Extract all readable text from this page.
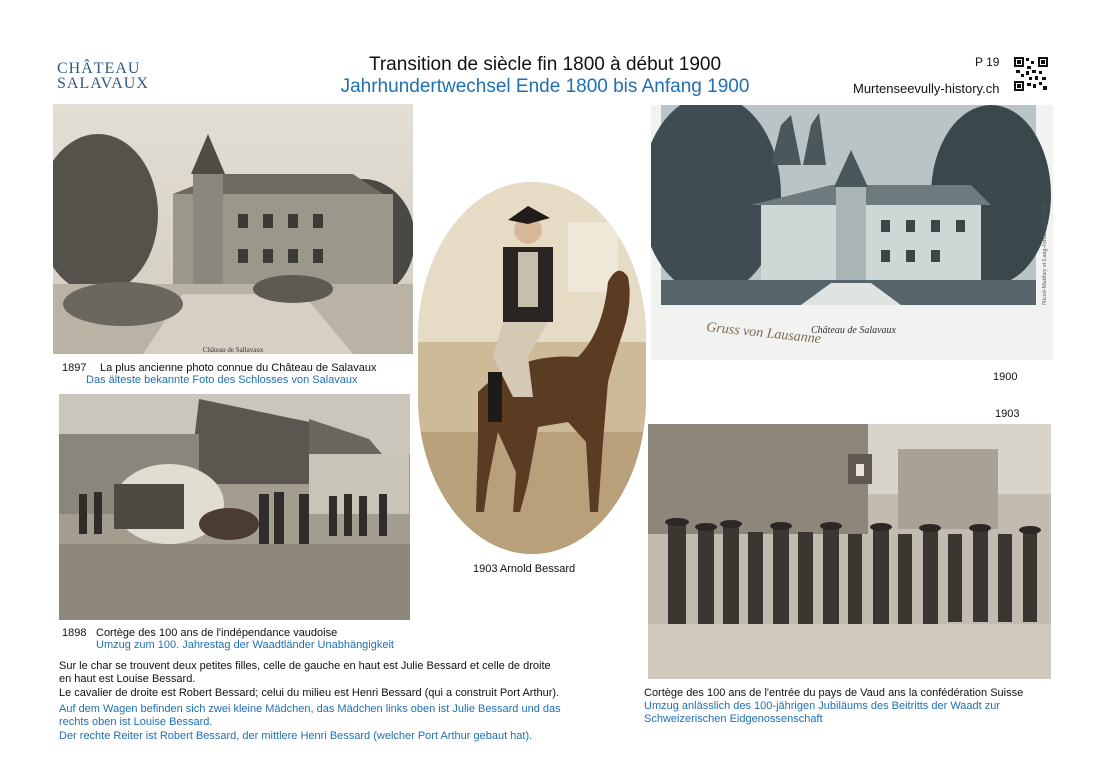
CHÂTEAU
SALAVAUX
Transition de siècle fin 1800 à début 1900
Jahrhundertwechsel Ende 1800 bis Anfang 1900
P 19
Murtenseevully-history.ch
Château de Sallavaux
1897 La plus ancienne photo connue du Château de Salavaux
Das älteste bekannte Foto des Schlosses von Salavaux
1903 Arnold Bessard
Château de Salavaux
Gruss von Lausanne
Nicod-Matthey et Lang-Jordan, édit. Vully
1900
1898 Cortège des 100 ans de l'indépendance vaudoise
Umzug zum 100. Jahrestag der Waadtländer Unabhängigkeit
Sur le char se trouvent deux petites filles, celle de gauche en haut est Julie Bessard et celle de droite
en haut est Louise Bessard.
Le cavalier de droite est Robert Bessard; celui du milieu est Henri Bessard (qui a construit Port Arthur).
Auf dem Wagen befinden sich zwei kleine Mädchen, das Mädchen links oben ist Julie Bessard und das
rechts oben ist Louise Bessard.
Der rechte Reiter ist Robert Bessard, der mittlere Henri Bessard (welcher Port Arthur gebaut hat).
1903
Cortège des 100 ans de l'entrée du pays de Vaud ans la confédération Suisse
Umzug anlässlich des 100-jährigen Jubiläums des Beitritts der Waadt zur Schweizerischen Eidgenossenschaft
